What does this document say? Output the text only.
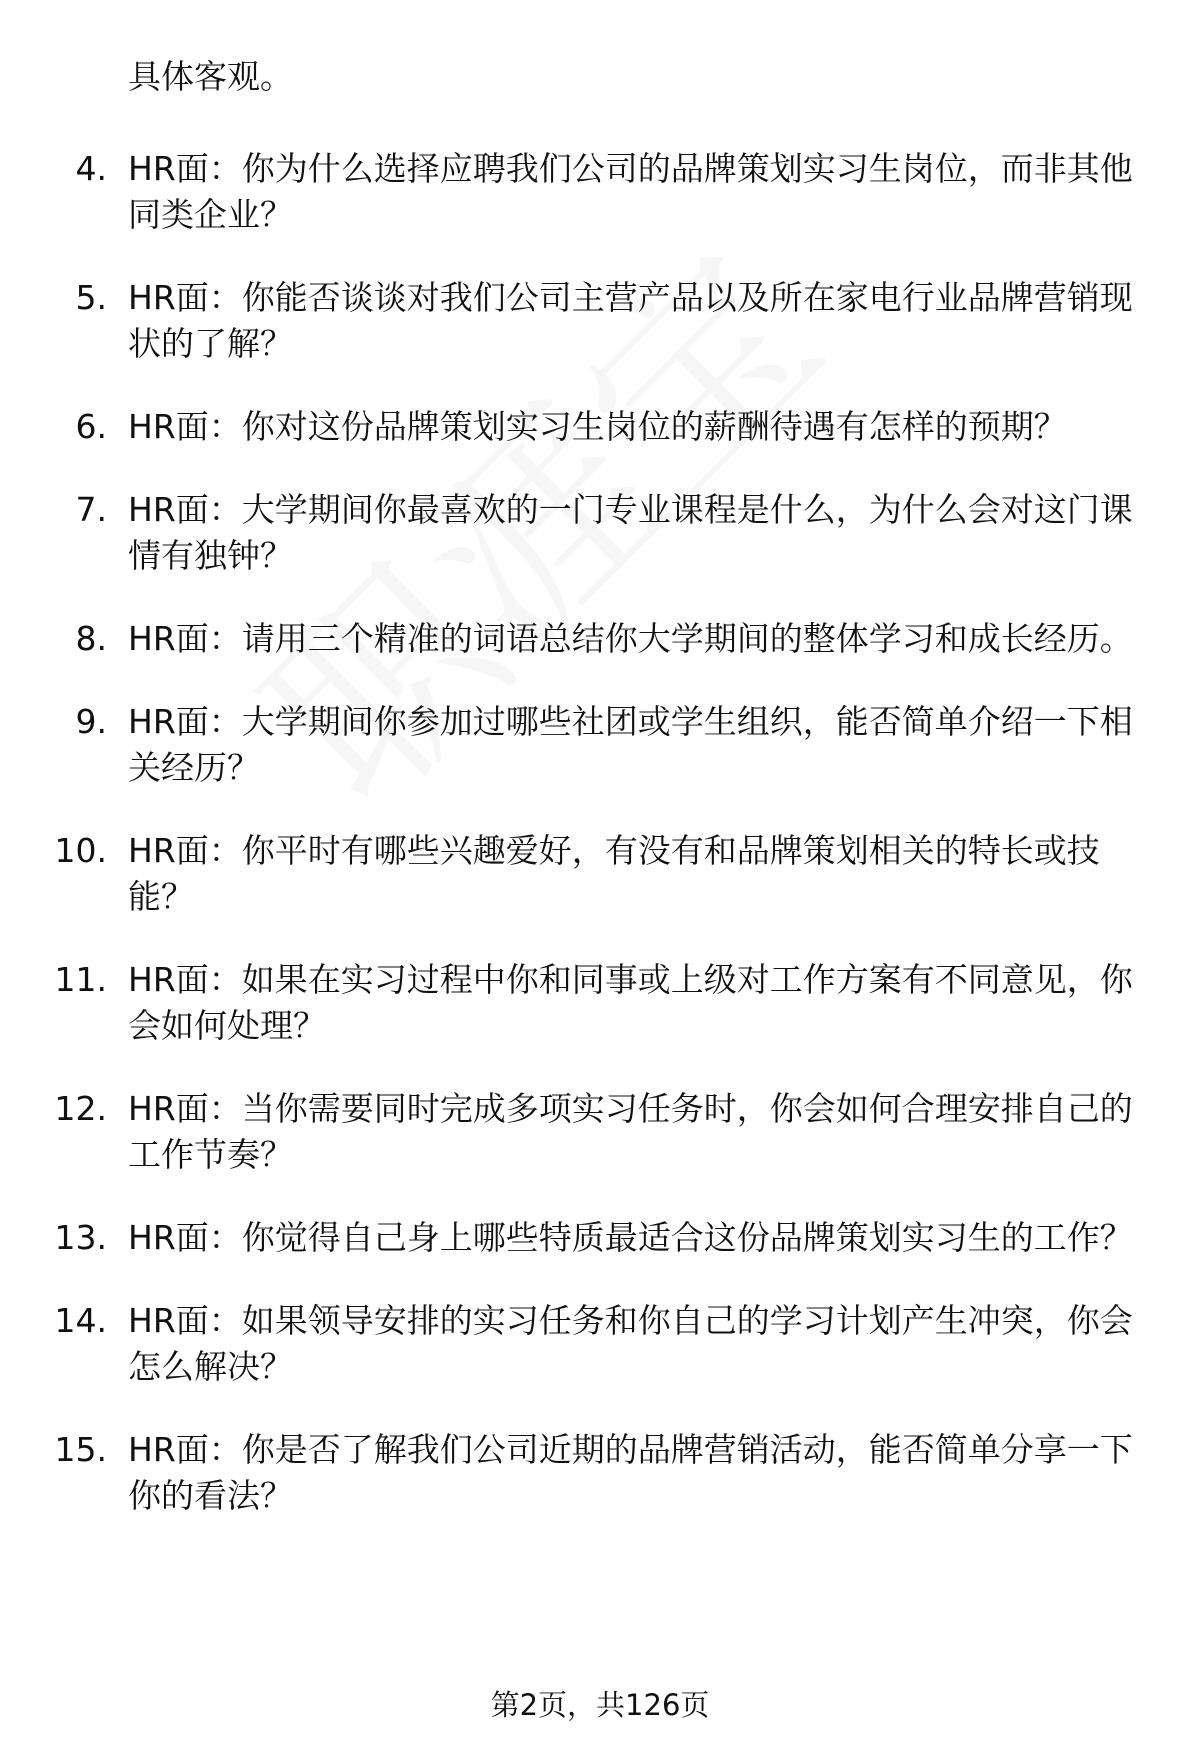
具体客观。
4. HR面：你为什么选择应聘我们公司的品牌策划实习生岗位，而非其他同类企业？
5. HR面：你能否谈谈对我们公司主营产品以及所在家电行业品牌营销现状的了解？
6. HR面：你对这份品牌策划实习生岗位的薪酬待遇有怎样的预期？
7. HR面：大学期间你最喜欢的一门专业课程是什么，为什么会对这门课情有独钟？
8. HR面：请用三个精准的词语总结你大学期间的整体学习和成长经历。
9. HR面：大学期间你参加过哪些社团或学生组织，能否简单介绍一下相关经历？
10. HR面：你平时有哪些兴趣爱好，有没有和品牌策划相关的特长或技能？
11. HR面：如果在实习过程中你和同事或上级对工作方案有不同意见，你会如何处理？
12. HR面：当你需要同时完成多项实习任务时，你会如何合理安排自己的工作节奏？
13. HR面：你觉得自己身上哪些特质最适合这份品牌策划实习生的工作？
14. HR面：如果领导安排的实习任务和你自己的学习计划产生冲突，你会怎么解决？
15. HR面：你是否了解我们公司近期的品牌营销活动，能否简单分享一下你的看法？
第2页，共126页
